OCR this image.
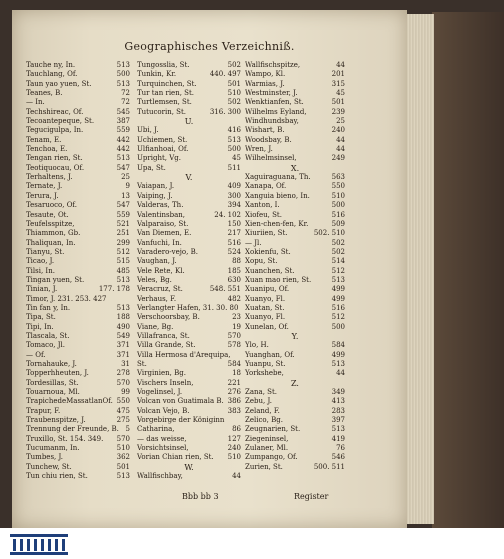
Geographisches Verzeichniß.
Tauche ny, In.	513
Tauchlang, Of.	500
Taun yao yuen, St.	513
Teanes, B.	72
— In.	72
Techshireac, Of.	545
Tecoantepeque, St.	387
Tegucigulpa, In.	559
Tenam, E.	442
Tenchoa, E.	442
Tengan rien, St.	513
Teotiquocau, Of.	547
Terhaltens, J.	25
Ternate, J.	9
Terura, J.	13
Tesaruoco, Of.	547
Tesaute, Ot.	559
Teufelsspitze,	521
Thiammon, Gb.	251
Thaliquan, In.	299
Tianyu, St.	512
Ticao, J.	515
Tilsi, In.	485
Tingan yuen, St.	513
Tinian, J.	177. 178
Timor, J. 231. 253. 427
Tin fan y, In.	513
Tipa, St.	188
Tipi, In.	490
Tlascala, St.	549
Tomaco, Jl.	371
— Of.	371
Tornahauke, J.	31
Topperhheuten, J.	278
Tordesillas, St.	570
Touarnoua, Ml.	99
TrapichedeMassatlanOf. 550
Trapur, F.	475
Traubenspitze, J.	275
Trennung der Freunde, B. 5
Truxillo, St. 154. 349.	570
Tucumanm, In.	510
Tumbes, J.	362
Tunchew, St.	501
Tun chiu rien, St.	513
Tungosslia, St.	502
Tunkin, Kr.	440. 497
Turquinchen, St.	501
Tur tan rien, St.	510
Turtlemsen, St.	502
Tutucorin, St.	316. 300
U.
Ubi, J.	416
Uchiemen, St.	513
Ulfianhoai, Of.	500
Upright, Vg.	45
Upa, St.	511
V.
Vaiapan, J.	409
Vaiping, J.	300
Valderas, Th.	394
Valentinsban,	24. 102
Valparaiso, St.	150
Van Diemen, E.	217
Vanfuchi, In.	516
Varadero-vejo, B.	524
Vaughan, J.	88
Vele Rete, Kl.	185
Veles, Bg.	630
Veracruz, St.	548. 551
Verhaus, F.	482
Verlangter Hafen, 31. 30. 80
Verschoorsbay, B.	23
Viane, Bg.	19
Villafranca, St.	570
Villa Grande, St.	578
Villa Hermosa d'Arequipa,
St.	584
Virginien, Bg.	18
Vischers Inseln,	221
Vogelinsel, J.	276
Volcan von Guatimala B. 386
Volcan Vejo, B.	383
Vorgebirge der Königinn
Catharina,	86
— das weisse,	127
Vorsichtsinsel,	240
Vorian Chian rien, St.	510
W.
Wallfischbay,	44
Wallfischspitze,	44
Wampo, Kl.	201
Warmias, J.	315
Westminster, J.	45
Wenktianfen, St.	501
Wilhelms Eyland,	239
Windhundsbay,	25
Wishart, B.	240
Woodsbay, B.	44
Wren, J.	44
Wilhelmsinsel,	249
X.
Xaguiraguana, Th.	563
Xanapa, Of.	550
Xanguia bieno, In.	510
Xanton, I.	500
Xiofeu, St.	516
Xien-chen-fen, Kr.	509
Xiuriien, St.	502. 510
— Jl.	502
Xokienfu, St.	502
Xopu, St.	514
Xuanchen, St.	512
Xuan mao rien, St.	513
Xuanipu, Of.	499
Xuanyo, Fl.	499
Xuatan, St.	516
Xuanyo, Fl.	512
Xunelan, Of.	500
Y.
Ylo, H.	584
Yuanghan, Of.	499
Yuanpu, St.	513
Yorkshebe,	44
Z.
Zana, St.	349
Zebu, J.	413
Zeland, F.	283
Zelico, Bg.	397
Zeugnarien, St.	513
Ziegeninsel,	419
Zulaner, Ml.	76
Zumpango, Of.	546
Zurien, St.	500. 511
Bbb bb 3	Register
